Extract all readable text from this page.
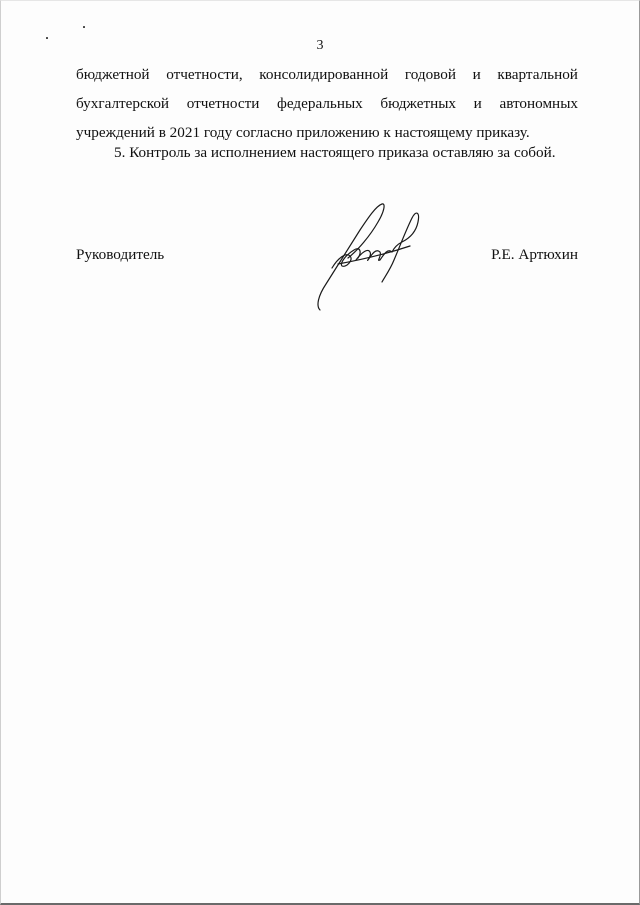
3
бюджетной отчетности, консолидированной годовой и квартальной
бухгалтерской отчетности федеральных бюджетных и автономных
учреждений в 2021 году согласно приложению к настоящему приказу.
5. Контроль за исполнением настоящего приказа оставляю за собой.
Руководитель	Р.Е. Артюхин
